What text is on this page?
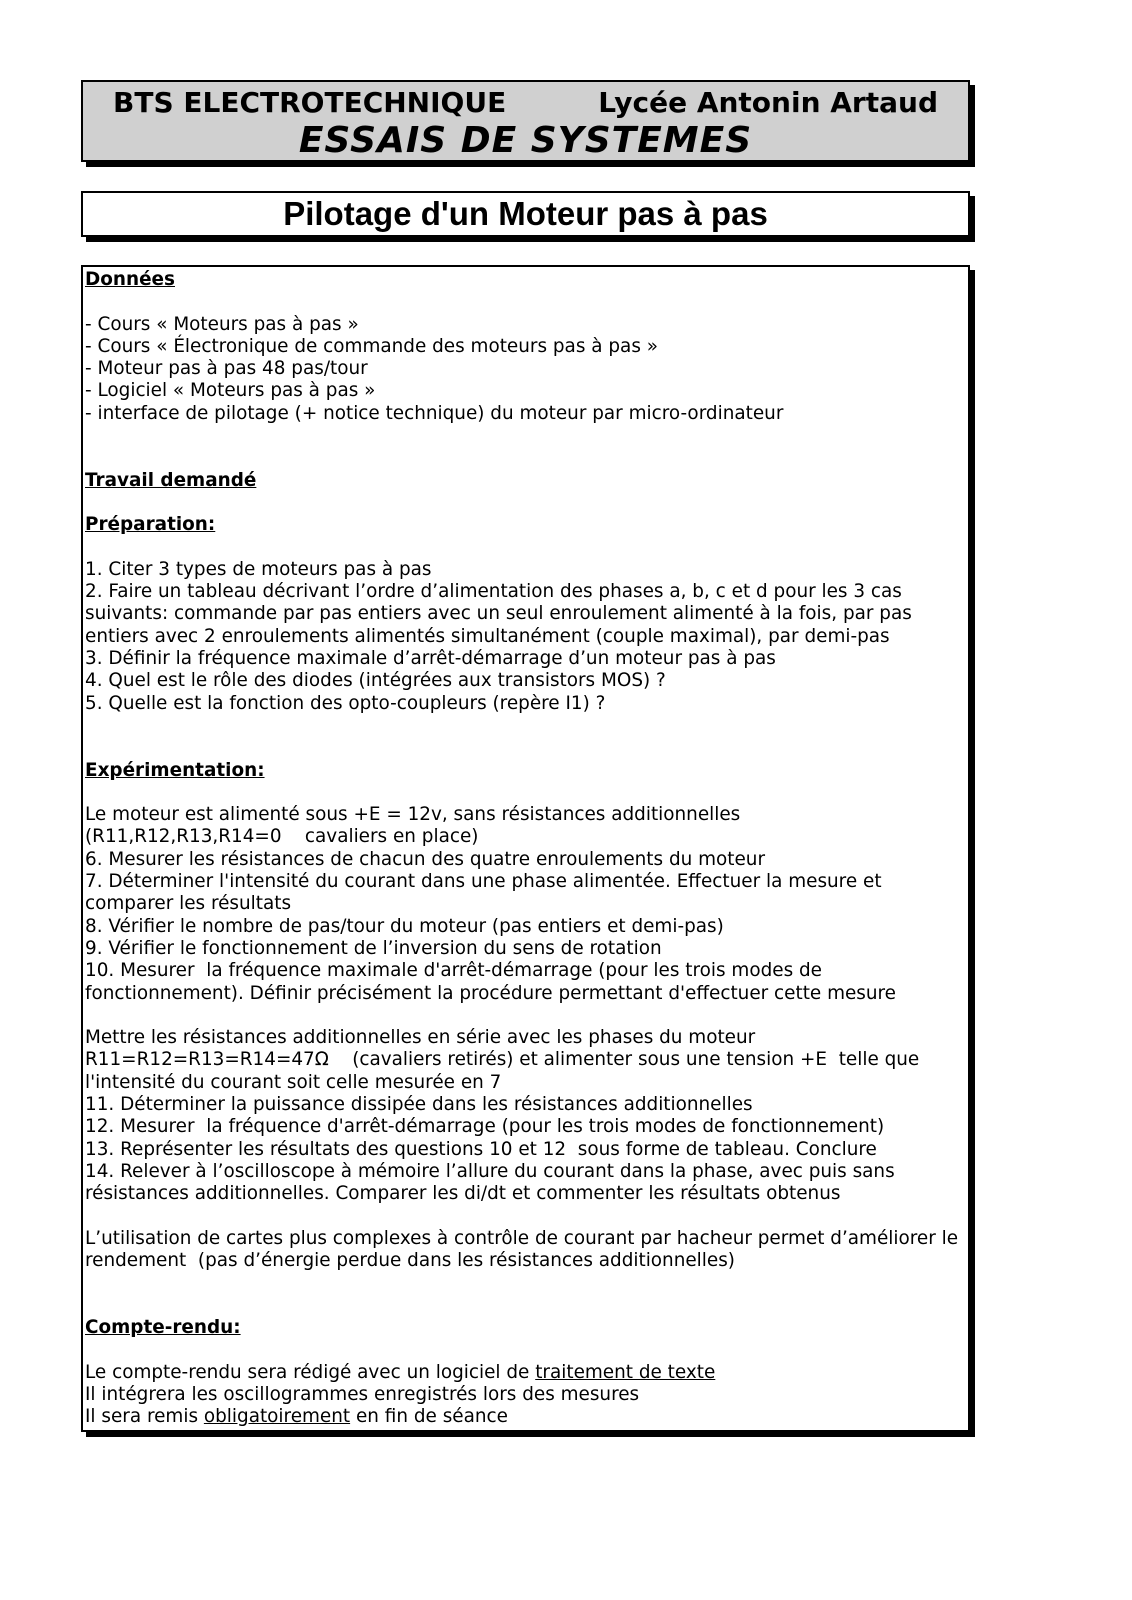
BTS ELECTROTECHNIQUE	Lycée Antonin Artaud
ESSAIS DE SYSTEMES
Pilotage d'un Moteur pas à pas
Données
- Cours « Moteurs pas à pas »
- Cours « Électronique de commande des moteurs pas à pas »
- Moteur pas à pas 48 pas/tour
- Logiciel « Moteurs pas à pas »
- interface de pilotage (+ notice technique) du moteur par micro-ordinateur
Travail demandé
Préparation:
1. Citer 3 types de moteurs pas à pas
2. Faire un tableau décrivant l’ordre d’alimentation des phases a, b, c et d pour les 3 cas
suivants: commande par pas entiers avec un seul enroulement alimenté à la fois, par pas
entiers avec 2 enroulements alimentés simultanément (couple maximal), par demi-pas
3. Définir la fréquence maximale d’arrêt-démarrage d’un moteur pas à pas
4. Quel est le rôle des diodes (intégrées aux transistors MOS) ?
5. Quelle est la fonction des opto-coupleurs (repère I1) ?
Expérimentation:
Le moteur est alimenté sous +E = 12v, sans résistances additionnelles
(R11,R12,R13,R14=0    cavaliers en place)
6. Mesurer les résistances de chacun des quatre enroulements du moteur
7. Déterminer l'intensité du courant dans une phase alimentée. Effectuer la mesure et
comparer les résultats
8. Vérifier le nombre de pas/tour du moteur (pas entiers et demi-pas)
9. Vérifier le fonctionnement de l’inversion du sens de rotation
10. Mesurer  la fréquence maximale d'arrêt-démarrage (pour les trois modes de
fonctionnement). Définir précisément la procédure permettant d'effectuer cette mesure
Mettre les résistances additionnelles en série avec les phases du moteur
R11=R12=R13=R14=47Ω    (cavaliers retirés) et alimenter sous une tension +E  telle que
l'intensité du courant soit celle mesurée en 7
11. Déterminer la puissance dissipée dans les résistances additionnelles
12. Mesurer  la fréquence d'arrêt-démarrage (pour les trois modes de fonctionnement)
13. Représenter les résultats des questions 10 et 12  sous forme de tableau. Conclure
14. Relever à l’oscilloscope à mémoire l’allure du courant dans la phase, avec puis sans
résistances additionnelles. Comparer les di/dt et commenter les résultats obtenus
L’utilisation de cartes plus complexes à contrôle de courant par hacheur permet d’améliorer le
rendement  (pas d’énergie perdue dans les résistances additionnelles)
Compte-rendu:
Le compte-rendu sera rédigé avec un logiciel de traitement de texte
Il intégrera les oscillogrammes enregistrés lors des mesures
Il sera remis obligatoirement en fin de séance
